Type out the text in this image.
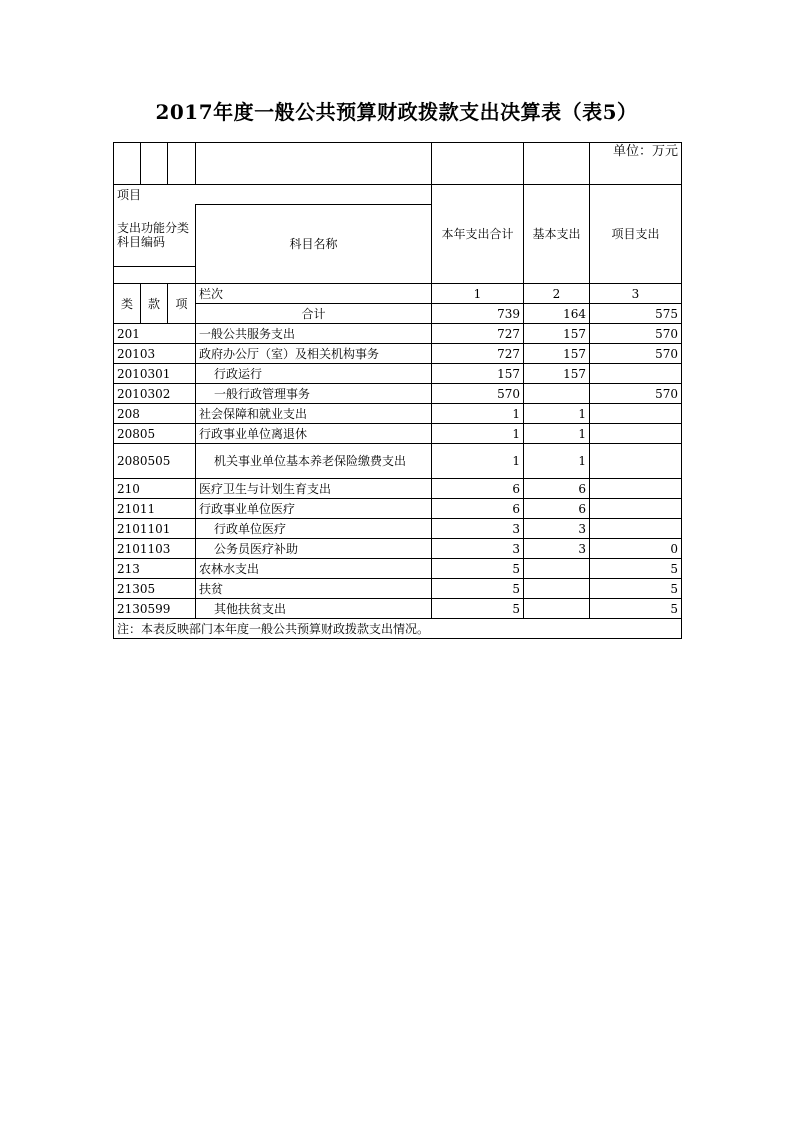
2017年度一般公共预算财政拨款支出决算表（表5）
						单位：万元
项目				本年支出合计	基本支出	项目支出
支出功能分类科目编码			科目名称			

类	款	项	栏次	1	2	3
			合计	739	164	575
201			一般公共服务支出	727	157	570
20103			政府办公厅（室）及相关机构事务	727	157	570
2010301			行政运行	157	157	
2010302			一般行政管理事务	570		570
208			社会保障和就业支出	1	1	
20805			行政事业单位离退休	1	1	
2080505			机关事业单位基本养老保险缴费支出	1	1	
210			医疗卫生与计划生育支出	6	6	
21011			行政事业单位医疗	6	6	
2101101			行政单位医疗	3	3	
2101103			公务员医疗补助	3	3	0
213			农林水支出	5		5
21305			扶贫	5		5
2130599			其他扶贫支出	5		5
注：本表反映部门本年度一般公共预算财政拨款支出情况。						
